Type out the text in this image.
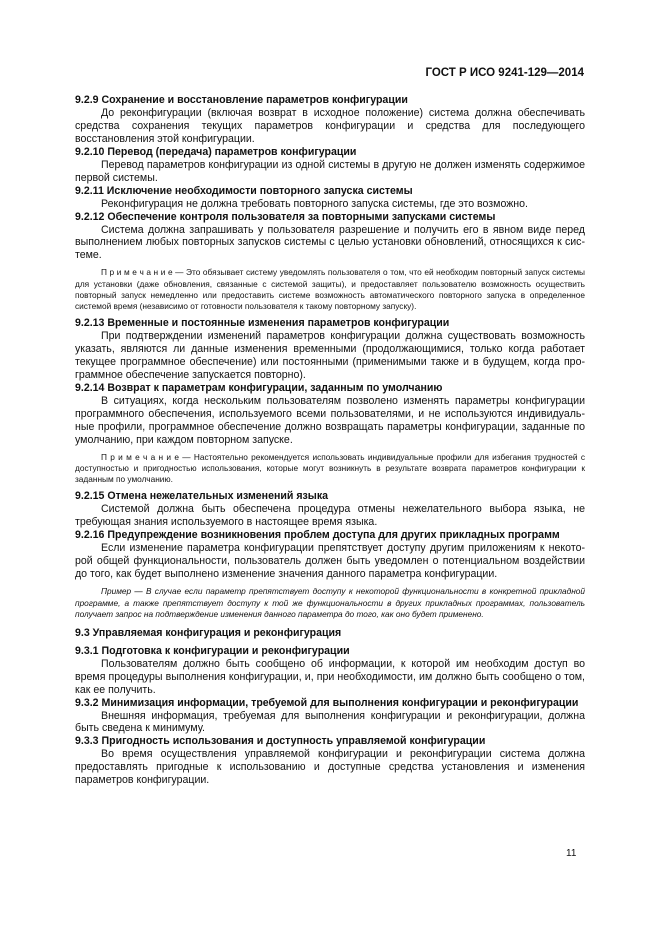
ГОСТ Р ИСО 9241-129—2014

9.2.9 Сохранение и восстановление параметров конфигурации

До реконфигурации (включая возврат в исходное положение) система должна обеспечивать средства сохранения текущих параметров конфигурации и средства для последующего восстановления этой конфигурации.

9.2.10 Перевод (передача) параметров конфигурации

Перевод параметров конфигурации из одной системы в другую не должен изменять содержимое первой системы.

9.2.11 Исключение необходимости повторного запуска системы

Реконфигурация не должна требовать повторного запуска системы, где это возможно.

9.2.12 Обеспечение контроля пользователя за повторными запусками системы

Система должна запрашивать у пользователя разрешение и получить его в явном виде перед выполнением любых повторных запусков системы с целью установки обновлений, относящихся к системе.

П р и м е ч а н и е — Это обязывает систему уведомлять пользователя о том, что ей необходим повторный запуск системы для установки (даже обновления, связанные с системой защиты), и предоставляет пользователю возможность осуществить повторный запуск немедленно или предоставить системе возможность автоматического повторного запуска в определенное системой время (независимо от готовности пользователя к такому повторному запуску).

9.2.13 Временные и постоянные изменения параметров конфигурации

При подтверждении изменений параметров конфигурации должна существовать возможность указать, являются ли данные изменения временными (продолжающимися, только когда работает текущее программное обеспечение) или постоянными (применимыми также и в будущем, когда программное обеспечение запускается повторно).

9.2.14 Возврат к параметрам конфигурации, заданным по умолчанию

В ситуациях, когда нескольким пользователям позволено изменять параметры конфигурации программного обеспечения, используемого всеми пользователями, и не используются индивидуальные профили, программное обеспечение должно возвращать параметры конфигурации, заданные по умолчанию, при каждом повторном запуске.

П р и м е ч а н и е — Настоятельно рекомендуется использовать индивидуальные профили для избегания трудностей с доступностью и пригодностью использования, которые могут возникнуть в результате возврата параметров конфигурации к заданным по умолчанию.

9.2.15 Отмена нежелательных изменений языка

Системой должна быть обеспечена процедура отмены нежелательного выбора языка, не требующая знания используемого в настоящее время языка.

9.2.16 Предупреждение возникновения проблем доступа для других прикладных программ

Если изменение параметра конфигурации препятствует доступу другим приложениям к некоторой общей функциональности, пользователь должен быть уведомлен о потенциальном воздействии до того, как будет выполнено изменение значения данного параметра конфигурации.

Пример — В случае если параметр препятствует доступу к некоторой функциональности в конкретной прикладной программе, а также препятствует доступу к той же функциональности в других прикладных программах, пользователь получает запрос на подтверждение изменения данного параметра до того, как оно будет применено.

9.3 Управляемая конфигурация и реконфигурация

9.3.1 Подготовка к конфигурации и реконфигурации

Пользователям должно быть сообщено об информации, к которой им необходим доступ во время процедуры выполнения конфигурации, и, при необходимости, им должно быть сообщено о том, как ее получить.

9.3.2 Минимизация информации, требуемой для выполнения конфигурации и реконфигурации

Внешняя информация, требуемая для выполнения конфигурации и реконфигурации, должна быть сведена к минимуму.

9.3.3 Пригодность использования и доступность управляемой конфигурации

Во время осуществления управляемой конфигурации и реконфигурации система должна предоставлять пригодные к использованию и доступные средства установления и изменения параметров конфигурации.

11
